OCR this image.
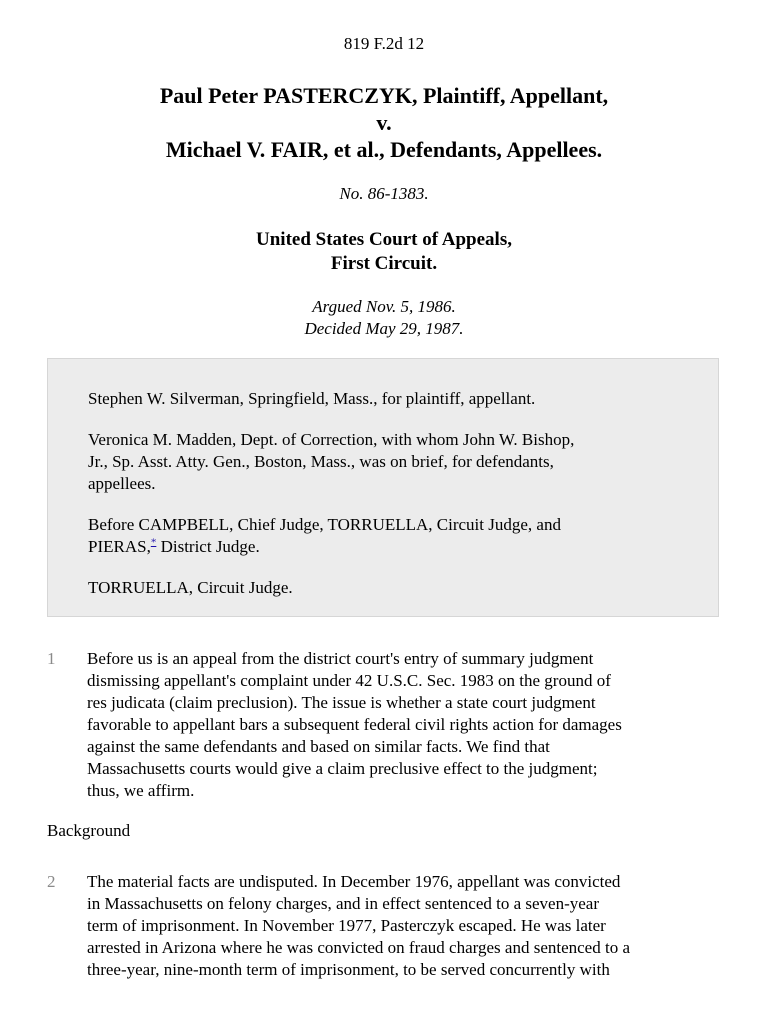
819 F.2d 12
Paul Peter PASTERCZYK, Plaintiff, Appellant,
v.
Michael V. FAIR, et al., Defendants, Appellees.
No. 86-1383.
United States Court of Appeals,
First Circuit.
Argued Nov. 5, 1986.
Decided May 29, 1987.

Stephen W. Silverman, Springfield, Mass., for plaintiff, appellant.

Veronica M. Madden, Dept. of Correction, with whom John W. Bishop,
Jr., Sp. Asst. Atty. Gen., Boston, Mass., was on brief, for defendants,
appellees.

Before CAMPBELL, Chief Judge, TORRUELLA, Circuit Judge, and
PIERAS,* District Judge.

TORRUELLA, Circuit Judge.

1 Before us is an appeal from the district court's entry of summary judgment
dismissing appellant's complaint under 42 U.S.C. Sec. 1983 on the ground of
res judicata (claim preclusion). The issue is whether a state court judgment
favorable to appellant bars a subsequent federal civil rights action for damages
against the same defendants and based on similar facts. We find that
Massachusetts courts would give a claim preclusive effect to the judgment;
thus, we affirm.
Background
2 The material facts are undisputed. In December 1976, appellant was convicted
in Massachusetts on felony charges, and in effect sentenced to a seven-year
term of imprisonment. In November 1977, Pasterczyk escaped. He was later
arrested in Arizona where he was convicted on fraud charges and sentenced to a
three-year, nine-month term of imprisonment, to be served concurrently with
